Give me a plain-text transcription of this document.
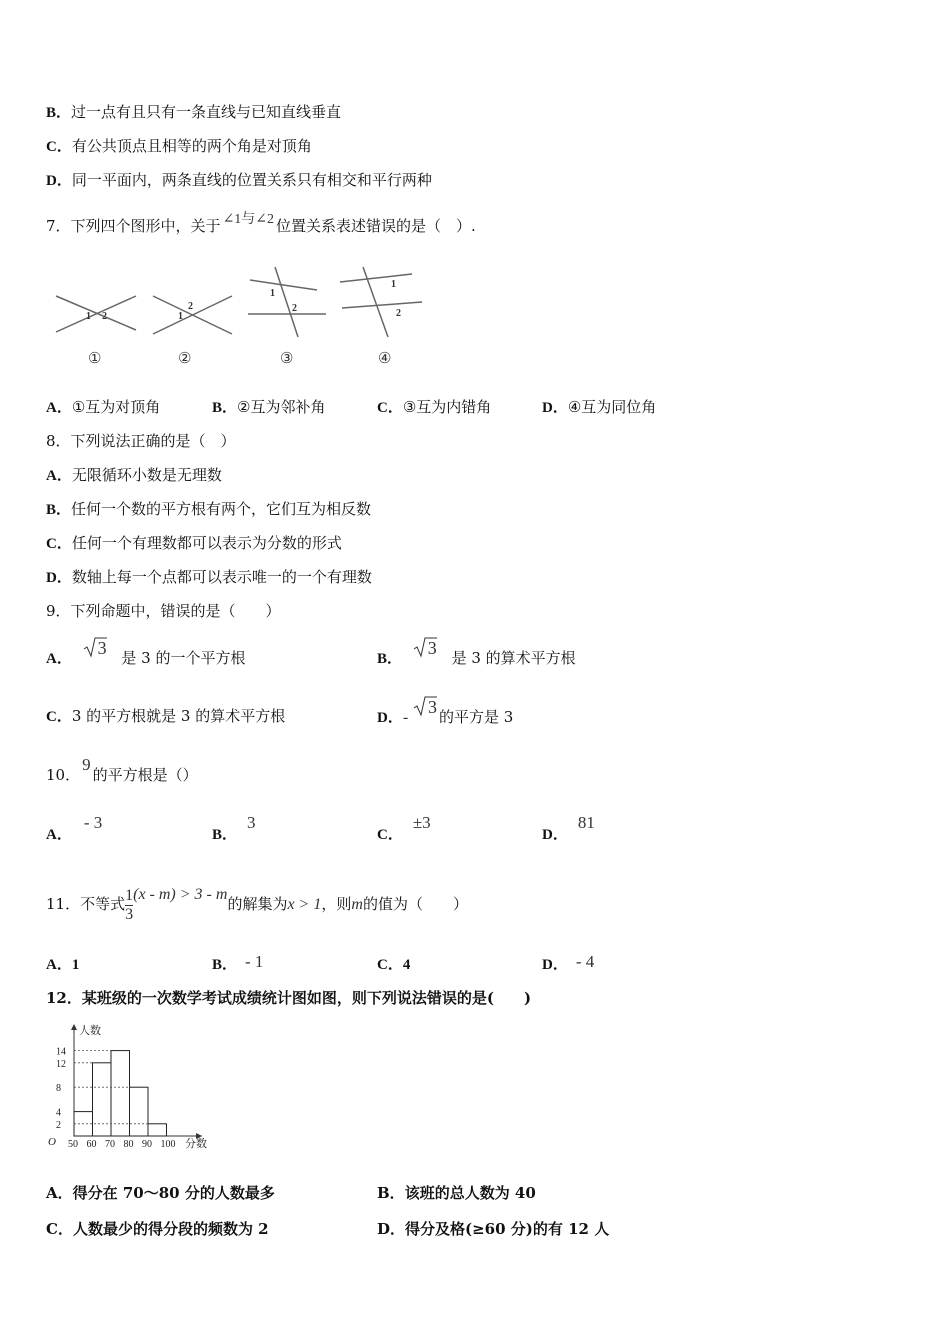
B．过一点有且只有一条直线与已知直线垂直
C．有公共顶点且相等的两个角是对顶角
D．同一平面内，两条直线的位置关系只有相交和平行两种
7．下列四个图形中，关于 ∠1与∠2 位置关系表述错误的是（　）.
1 2
①
1
2
②
1
2
③
1
2
④
A．①互为对顶角	B．②互为邻补角	C．③互为内错角	D．④互为同位角
8．下列说法正确的是（　）
A．无限循环小数是无理数
B．任何一个数的平方根有两个，它们互为相反数
C．任何一个有理数都可以表示为分数的形式
D．数轴上每一个点都可以表示唯一的一个有理数
9．下列命题中，错误的是（　　）
A．
3 是 3 的一个平方根	B．
3 是 3 的算术平方根
C．3 的平方根就是 3 的算术平方根	D．-
3 的平方是 3
10．9的平方根是（）
A．- 3
B．3
C．±3
D．81
11．不等式 $\frac{1}{3} (x - m) > 3 - m$的解集为x > 1，则m的值为（　　）
A．1	B． - 1	C．4	D． - 4
12．某班级的一次数学考试成绩统计图如图，则下列说法错误的是(　　)
人数
分数
O
2
4
8
12
14
50 60 70 80 90 100
A．得分在 70～80 分的人数最多	B．该班的总人数为 40
C．人数最少的得分段的频数为 2	D．得分及格(≥60 分)的有 12 人
